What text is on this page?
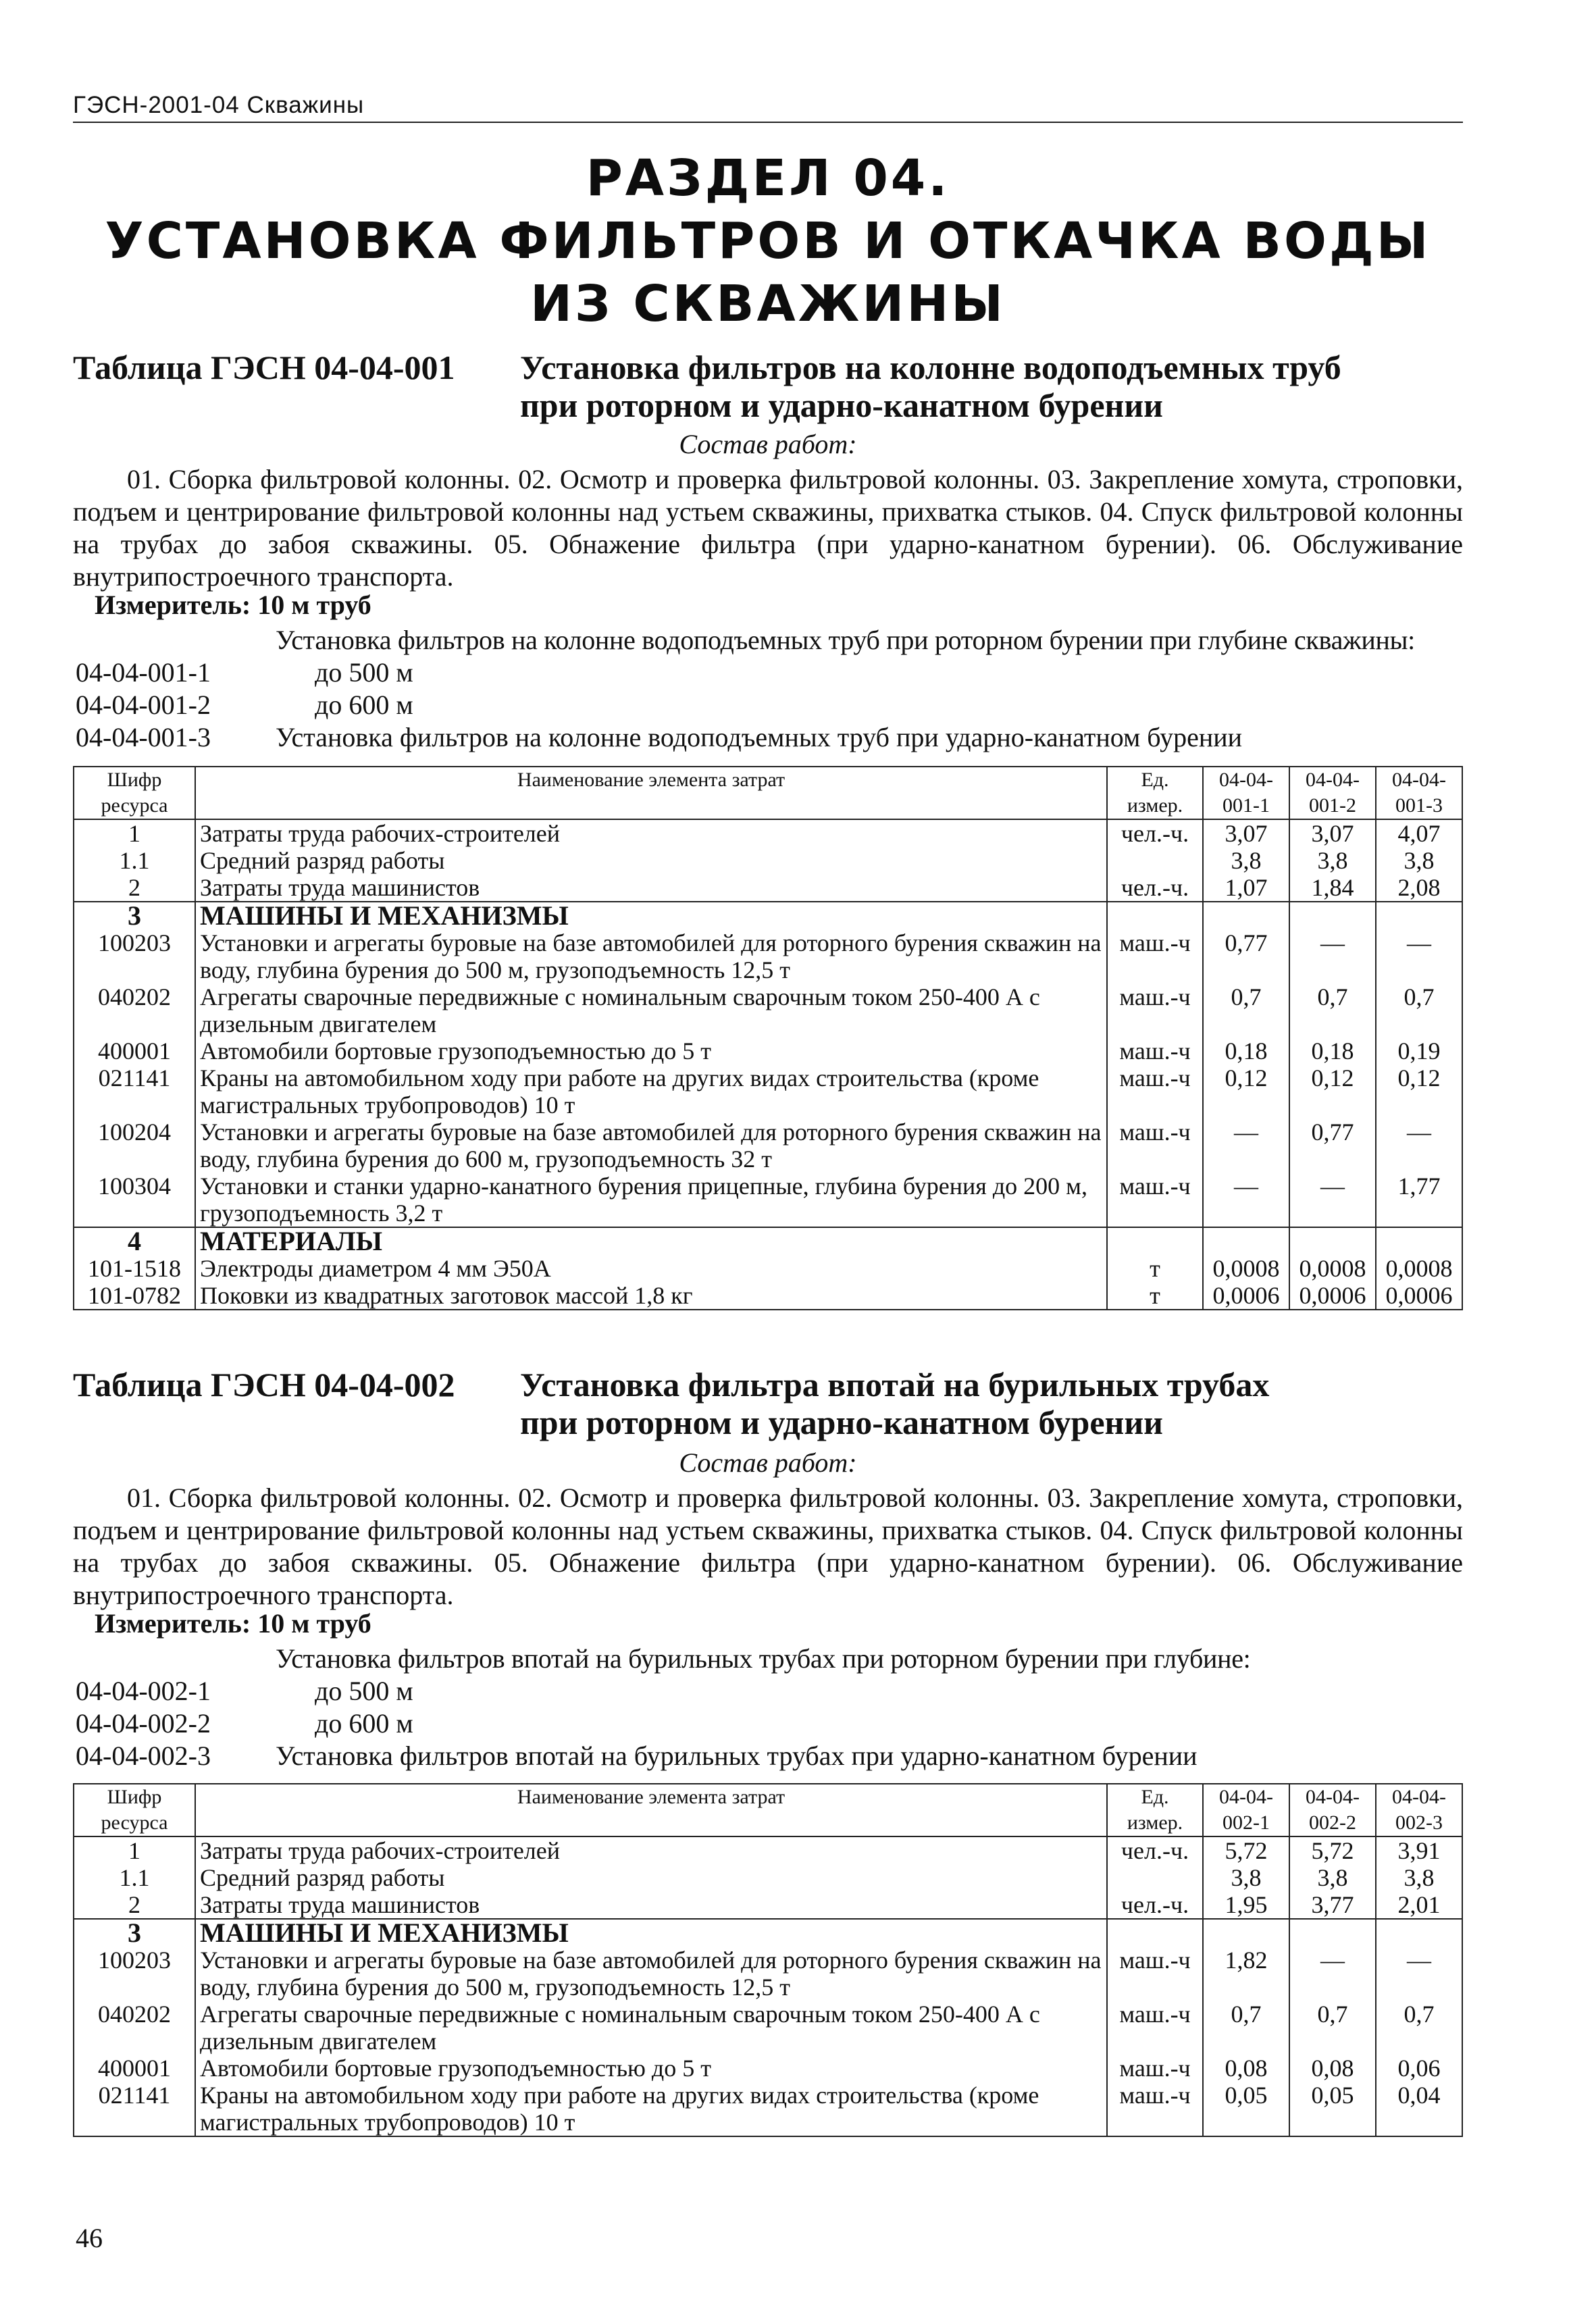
ГЭСН-2001-04 Скважины
РАЗДЕЛ 04.
УСТАНОВКА ФИЛЬТРОВ И ОТКАЧКА ВОДЫ
ИЗ СКВАЖИНЫ
Таблица ГЭСН 04-04-001 Установка фильтров на колонне водоподъемных труб
при роторном и ударно-канатном бурении
Состав работ:
01. Сборка фильтровой колонны. 02. Осмотр и проверка фильтровой колонны. 03. Закрепление хомута, строповки, подъем и центрирование фильтровой колонны над устьем скважины, прихватка стыков. 04. Спуск фильтровой колонны на трубах до забоя скважины. 05. Обнажение фильтра (при ударно-канатном бурении). 06. Обслуживание внутрипостроечного транспорта.
Измеритель: 10 м труб
Установка фильтров на колонне водоподъемных труб при роторном бурении при глубине скважины:
04-04-001-1	до 500 м
04-04-001-2	до 600 м
04-04-001-3 Установка фильтров на колонне водоподъемных труб при ударно-канатном бурении
Шифр ресурса	Наименование элемента затрат	Ед. измер.	04-04-001-1	04-04-001-2	04-04-001-3
1	Затраты труда рабочих-строителей	чел.-ч.	3,07	3,07	4,07
1.1	Средний разряд работы		3,8	3,8	3,8
2	Затраты труда машинистов	чел.-ч.	1,07	1,84	2,08
3	МАШИНЫ И МЕХАНИЗМЫ				
100203	Установки и агрегаты буровые на базе автомобилей для роторного бурения скважин на воду, глубина бурения до 500 м, грузоподъемность 12,5 т	маш.-ч	0,77	—	—
040202	Агрегаты сварочные передвижные с номинальным сварочным током 250-400 А с дизельным двигателем	маш.-ч	0,7	0,7	0,7
400001	Автомобили бортовые грузоподъемностью до 5 т	маш.-ч	0,18	0,18	0,19
021141	Краны на автомобильном ходу при работе на других видах строительства (кроме магистральных трубопроводов) 10 т	маш.-ч	0,12	0,12	0,12
100204	Установки и агрегаты буровые на базе автомобилей для роторного бурения скважин на воду, глубина бурения до 600 м, грузоподъемность 32 т	маш.-ч	—	0,77	—
100304	Установки и станки ударно-канатного бурения прицепные, глубина бурения до 200 м, грузоподъемность 3,2 т	маш.-ч	—	—	1,77
4	МАТЕРИАЛЫ				
101-1518	Электроды диаметром 4 мм Э50А	т	0,0008	0,0008	0,0008
101-0782	Поковки из квадратных заготовок массой 1,8 кг	т	0,0006	0,0006	0,0006
Таблица ГЭСН 04-04-002 Установка фильтра впотай на бурильных трубах
при роторном и ударно-канатном бурении
Состав работ:
01. Сборка фильтровой колонны. 02. Осмотр и проверка фильтровой колонны. 03. Закрепление хомута, строповки, подъем и центрирование фильтровой колонны над устьем скважины, прихватка стыков. 04. Спуск фильтровой колонны на трубах до забоя скважины. 05. Обнажение фильтра (при ударно-канатном бурении). 06. Обслуживание внутрипостроечного транспорта.
Измеритель: 10 м труб
Установка фильтров впотай на бурильных трубах при роторном бурении при глубине:
04-04-002-1	до 500 м
04-04-002-2	до 600 м
04-04-002-3 Установка фильтров впотай на бурильных трубах при ударно-канатном бурении
Шифр ресурса	Наименование элемента затрат	Ед. измер.	04-04-002-1	04-04-002-2	04-04-002-3
1	Затраты труда рабочих-строителей	чел.-ч.	5,72	5,72	3,91
1.1	Средний разряд работы		3,8	3,8	3,8
2	Затраты труда машинистов	чел.-ч.	1,95	3,77	2,01
3	МАШИНЫ И МЕХАНИЗМЫ				
100203	Установки и агрегаты буровые на базе автомобилей для роторного бурения скважин на воду, глубина бурения до 500 м, грузоподъемность 12,5 т	маш.-ч	1,82	—	—
040202	Агрегаты сварочные передвижные с номинальным сварочным током 250-400 А с дизельным двигателем	маш.-ч	0,7	0,7	0,7
400001	Автомобили бортовые грузоподъемностью до 5 т	маш.-ч	0,08	0,08	0,06
021141	Краны на автомобильном ходу при работе на других видах строительства (кроме магистральных трубопроводов) 10 т	маш.-ч	0,05	0,05	0,04
46
